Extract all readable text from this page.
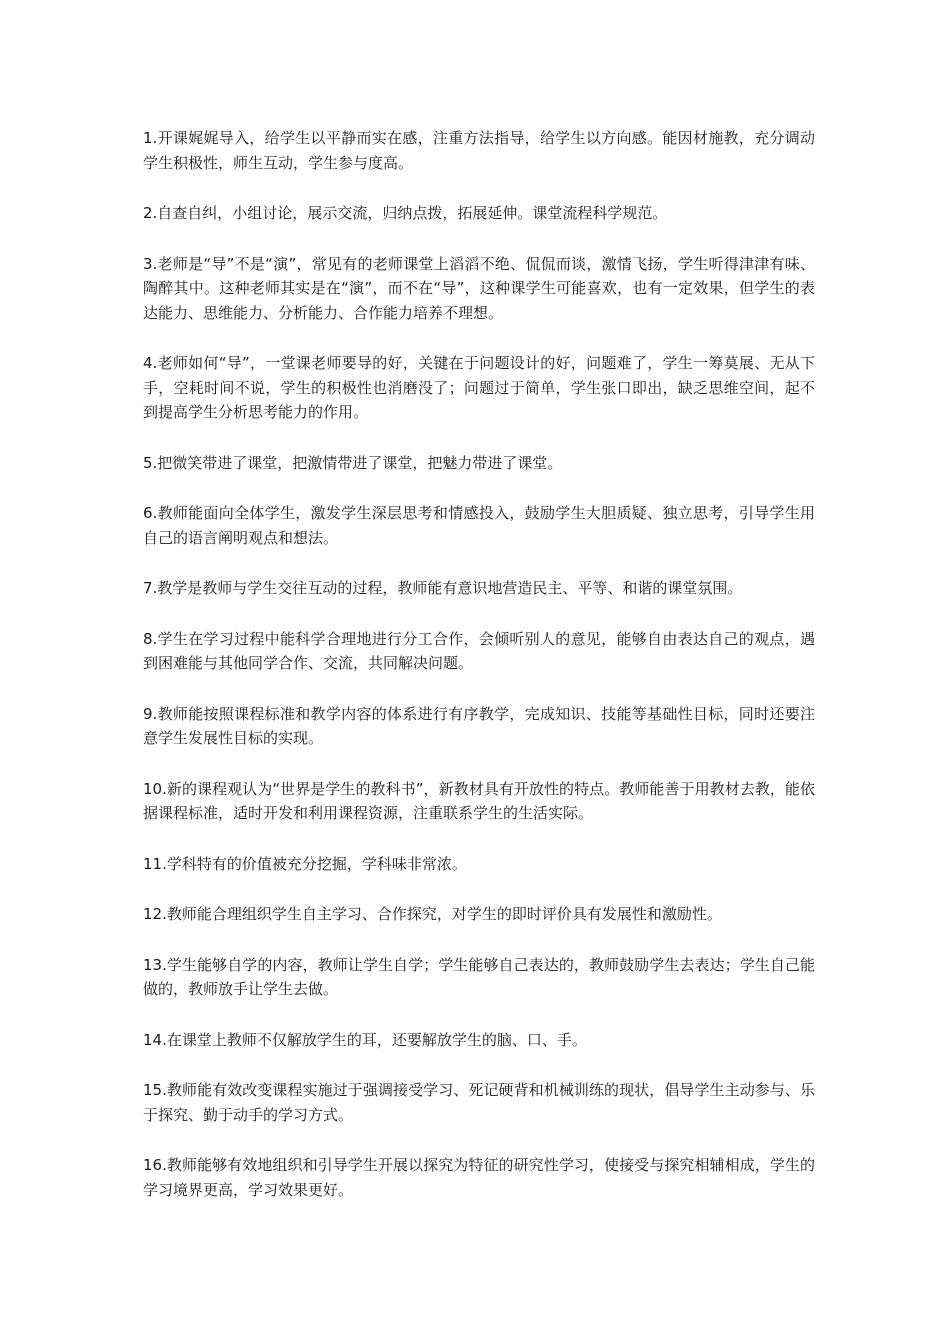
1.开课娓娓导入，给学生以平静而实在感，注重方法指导，给学生以方向感。能因材施教，充分调动学生积极性，师生互动，学生参与度高。

2.自查自纠，小组讨论，展示交流，归纳点拨，拓展延伸。课堂流程科学规范。

3.老师是“导”不是“演”，常见有的老师课堂上滔滔不绝、侃侃而谈，激情飞扬，学生听得津津有味、陶醉其中。这种老师其实是在“演”，而不在“导”，这种课学生可能喜欢，也有一定效果，但学生的表达能力、思维能力、分析能力、合作能力培养不理想。

4.老师如何“导”，一堂课老师要导的好，关键在于问题设计的好，问题难了，学生一筹莫展、无从下手，空耗时间不说，学生的积极性也消磨没了；问题过于简单，学生张口即出，缺乏思维空间，起不到提高学生分析思考能力的作用。

5.把微笑带进了课堂，把激情带进了课堂，把魅力带进了课堂。

6.教师能面向全体学生，激发学生深层思考和情感投入，鼓励学生大胆质疑、独立思考，引导学生用自己的语言阐明观点和想法。

7.教学是教师与学生交往互动的过程，教师能有意识地营造民主、平等、和谐的课堂氛围。

8.学生在学习过程中能科学合理地进行分工合作，会倾听别人的意见，能够自由表达自己的观点，遇到困难能与其他同学合作、交流，共同解决问题。

9.教师能按照课程标准和教学内容的体系进行有序教学，完成知识、技能等基础性目标，同时还要注意学生发展性目标的实现。

10.新的课程观认为“世界是学生的教科书”，新教材具有开放性的特点。教师能善于用教材去教，能依据课程标准，适时开发和利用课程资源，注重联系学生的生活实际。

11.学科特有的价值被充分挖掘，学科味非常浓。

12.教师能合理组织学生自主学习、合作探究，对学生的即时评价具有发展性和激励性。

13.学生能够自学的内容，教师让学生自学；学生能够自己表达的，教师鼓励学生去表达；学生自己能做的，教师放手让学生去做。

14.在课堂上教师不仅解放学生的耳，还要解放学生的脑、口、手。

15.教师能有效改变课程实施过于强调接受学习、死记硬背和机械训练的现状，倡导学生主动参与、乐于探究、勤于动手的学习方式。

16.教师能够有效地组织和引导学生开展以探究为特征的研究性学习，使接受与探究相辅相成，学生的学习境界更高，学习效果更好。
